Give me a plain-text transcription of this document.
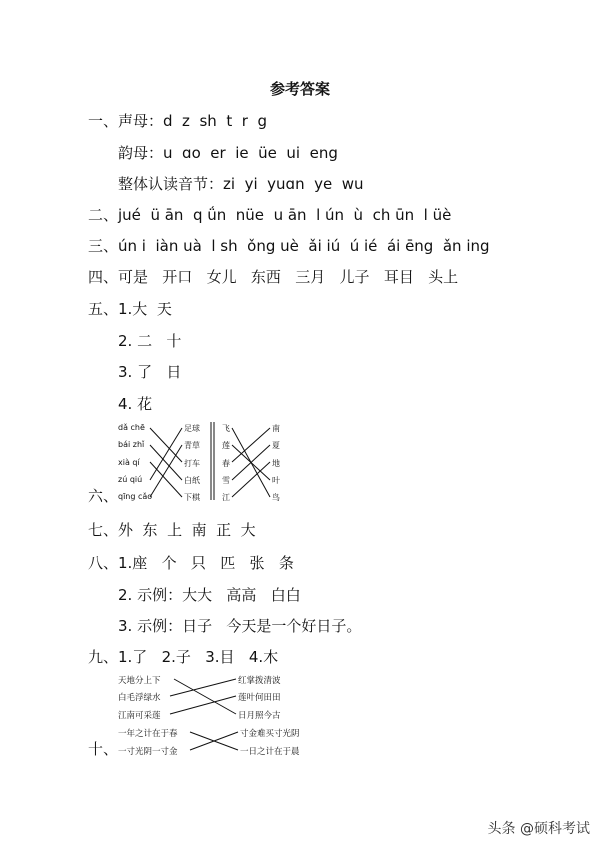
参考答案
一、声母：d  z  sh  t  r  g
韵母：u  ɑo  er  ie  üe  ui  eng
整体认读音节：zi  yi  yuɑn  ye  wu
二、jué  ü ān  q ǘn  nüe  u ān  l ún  ù  ch ūn  l üè
三、ún i  iàn uà  l sh  ǒng uè  ǎi iú  ú ié  ái ēng  ǎn ing
四、可是   开口   女儿   东西   三月   儿子   耳目   头上
五、1.大  天
2. 二   十
3. 了   日
4. 花
dǎ chē
bái zhǐ
xià qí
zú qiú
qīng cǎo
足球
青草
打车
白纸
下棋
飞
莲
春
雪
江
南
夏
地
叶
鸟
六、
七、外  东  上  南  正  大
八、1.座   个   只   匹   张   条
2. 示例：大大   高高   白白
3. 示例：日子   今天是一个好日子。
九、1.了   2.子   3.目   4.木
天地分上下
白毛浮绿水
江南可采莲
红掌拨清波
莲叶何田田
日月照今古
一年之计在于春
一寸光阴一寸金
寸金难买寸光阴
一日之计在于晨
十、
头条 @硕科考试
